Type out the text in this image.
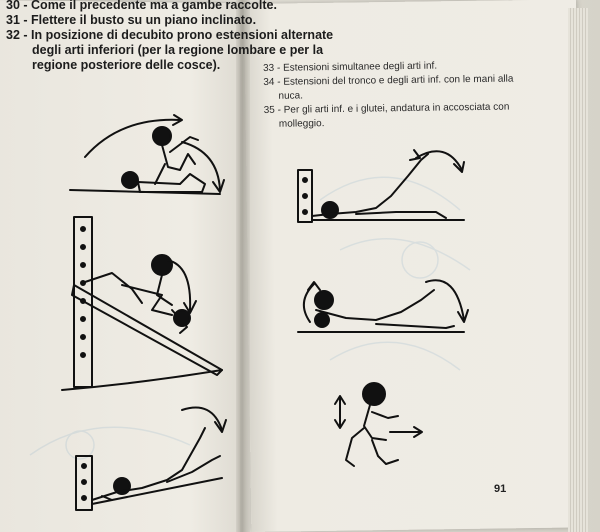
30 - Come il precedente ma a gambe raccolte.
31 - Flettere il busto su un piano inclinato.
32 - In posizione di decubito prono estensioni alternate
degli arti inferiori (per la regione lombare e per la
regione posteriore delle cosce).	33 - Estensioni simultanee degli arti inf.
34 - Estensioni del tronco e degli arti inf. con le mani alla
nuca.
35 - Per gli arti inf. e i glutei, andatura in accosciata con
molleggio.
91
